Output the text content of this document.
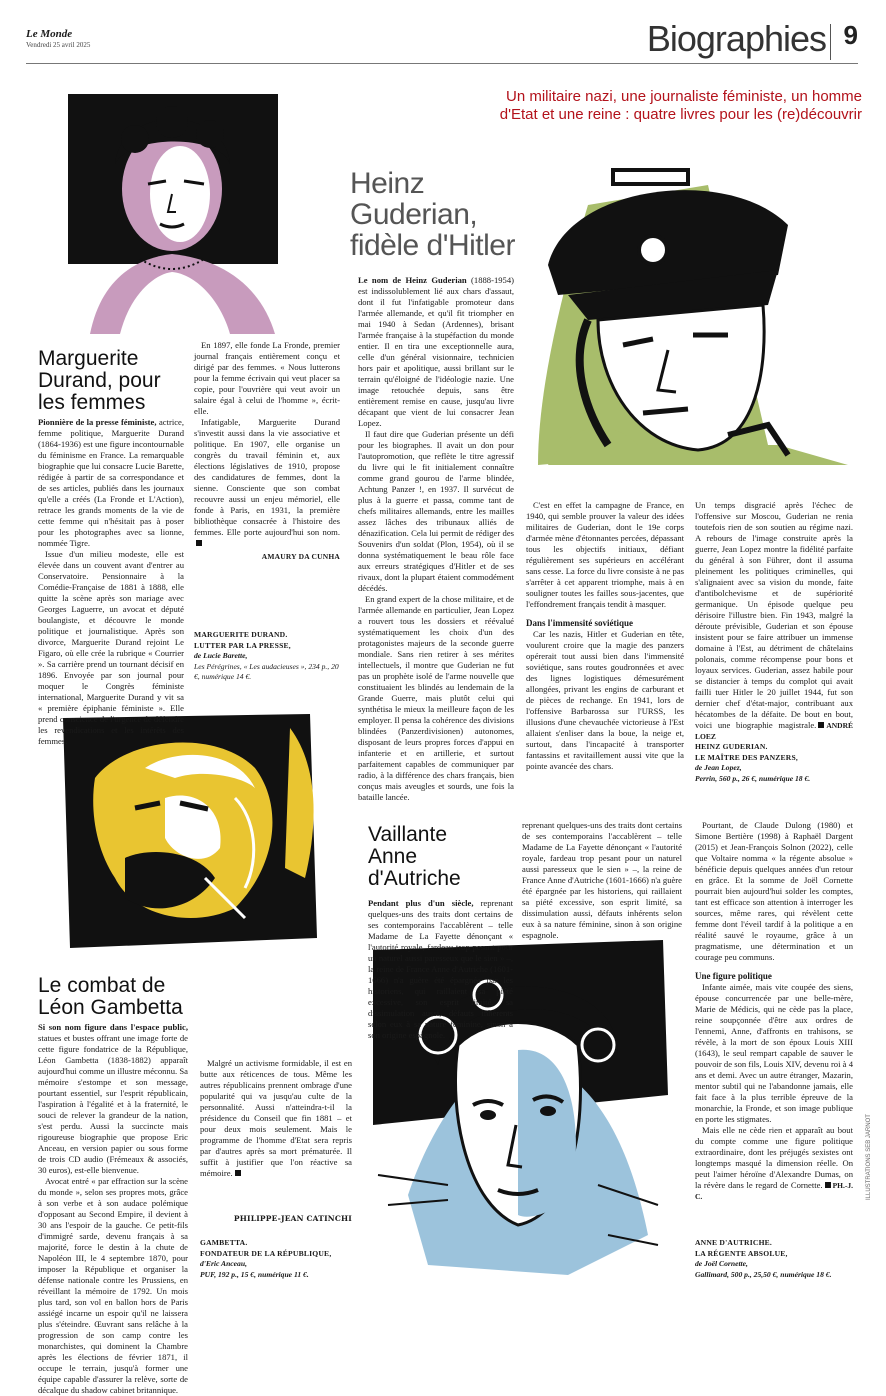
Le Monde
Vendredi 25 avril 2025	Biographies 9
Un militaire nazi, une journaliste féministe, un homme d'Etat et une reine : quatre livres pour les (re)découvrir
Marguerite Durand, pour les femmes

Pionnière de la presse féministe, actrice, femme politique, Marguerite Durand (1864-1936) est une figure incontournable du féminisme en France. La remarquable biographie que lui consacre Lucie Barette, rédigée à partir de sa correspondance et de ses articles, publiés dans les journaux qu'elle a créés (La Fronde et L'Action), retrace les grands moments de la vie de cette femme qui n'hésitait pas à poser pour les photographes avec sa lionne, nommée Tigre.

Issue d'un milieu modeste, elle est élevée dans un couvent avant d'entrer au Conservatoire. Pensionnaire à la Comédie-Française de 1881 à 1888, elle quitte la scène après son mariage avec Georges Laguerre, un avocat et député boulangiste, et découvre le monde politique et journalistique. Après son divorce, Marguerite Durand rejoint Le Figaro, où elle crée la rubrique « Courrier ». Sa carrière prend un tournant décisif en 1896. Envoyée par son journal pour moquer le Congrès féministe international, Marguerite Durand y vit sa « première épiphanie féministe ». Elle prend conscience de l'urgence de défendre les revendications et les intérêts des femmes.

En 1897, elle fonde La Fronde, premier journal français entièrement conçu et dirigé par des femmes. « Nous lutterons pour la femme écrivain qui veut placer sa copie, pour l'ouvrière qui veut avoir un salaire égal à celui de l'homme », écrit-elle.

Infatigable, Marguerite Durand s'investit aussi dans la vie associative et politique. En 1907, elle organise un congrès du travail féminin et, aux élections législatives de 1910, propose des candidatures de femmes, dont la sienne. Consciente que son combat recouvre aussi un enjeu mémoriel, elle fonde à Paris, en 1931, la première bibliothèque consacrée à l'histoire des femmes. Elle porte aujourd'hui son nom.

AMAURY DA CUNHA
MARGUERITE DURAND.
LUTTER PAR LA PRESSE,
de Lucie Barette,
Les Pérégrines, « Les audacieuses », 234 p., 20 €, numérique 14 €.
Heinz Guderian, fidèle d'Hitler

Le nom de Heinz Guderian (1888-1954) est indissolublement lié aux chars d'assaut, dont il fut l'infatigable promoteur dans l'armée allemande, et qu'il fit triompher en mai 1940 à Sedan (Ardennes), brisant l'armée française à la stupéfaction du monde entier. Il en tira une exceptionnelle aura, celle d'un général visionnaire, technicien hors pair et apolitique, aussi brillant sur le terrain qu'éloigné de l'idéologie nazie. Une image retouchée depuis, sans être entièrement remise en cause, jusqu'au livre décapant que vient de lui consacrer Jean Lopez.

Il faut dire que Guderian présente un défi pour les biographes. Il avait un don pour l'autopromotion, que reflète le titre agressif du livre qui le fit initialement connaître comme grand gourou de l'arme blindée, Achtung Panzer !, en 1937. Il survécut de plus à la guerre et passa, comme tant de chefs militaires allemands, entre les mailles assez lâches des tribunaux alliés de dénazification. Cela lui permit de rédiger des Souvenirs d'un soldat (Plon, 1954), où il se donna systématiquement le beau rôle face aux erreurs stratégiques d'Hitler et de ses rivaux, dont la plupart étaient commodément décédés.

En grand expert de la chose militaire, et de l'armée allemande en particulier, Jean Lopez a rouvert tous les dossiers et réévalué systématiquement les choix d'un des protagonistes majeurs de la seconde guerre mondiale. Sans rien retirer à ses mérites intellectuels, il montre que Guderian ne fut pas un prophète isolé de l'arme nouvelle que constituaient les blindés au lendemain de la Grande Guerre, mais plutôt celui qui synthétisa le mieux la meilleure façon de les employer. Il pensa la cohérence des divisions blindées (Panzerdivisionen) autonomes, disposant de leurs propres forces d'appui en infanterie et en artillerie, et surtout parfaitement capables de communiquer par radio, à la différence des chars français, bien conçus mais aveugles et sourds, une fois la bataille lancée.

C'est en effet la campagne de France, en 1940, qui semble prouver la valeur des idées militaires de Guderian, dont le 19e corps d'armée mène d'étonnantes percées, dépassant tous les objectifs initiaux, défiant régulièrement ses supérieurs en accélérant sans cesse. La force du livre consiste à ne pas s'arrêter à cet apparent triomphe, mais à en souligner toutes les failles sous-jacentes, que l'effondrement français tendit à masquer.

Dans l'immensité soviétique

Car les nazis, Hitler et Guderian en tête, voulurent croire que la magie des panzers opérerait tout aussi bien dans l'immensité soviétique, sans routes goudronnées et avec des lignes logistiques démesurément allongées, privant les engins de carburant et de pièces de rechange. En 1941, lors de l'offensive Barbarossa sur l'URSS, les illusions d'une chevauchée victorieuse à l'Est allaient s'enliser dans la boue, la neige et, surtout, dans l'incapacité à transporter fantassins et ravitaillement aussi vite que la pointe avancée des chars.

Un temps disgracié après l'échec de l'offensive sur Moscou, Guderian ne renia toutefois rien de son soutien au régime nazi. A rebours de l'image construite après la guerre, Jean Lopez montre la fidélité parfaite du général à son Führer, dont il assuma pleinement les politiques criminelles, qui s'alignaient avec sa vision du monde, faite d'antibolchevisme et de supériorité germanique. Un épisode quelque peu dérisoire l'illustre bien. Fin 1943, malgré la déroute prévisible, Guderian et son épouse insistent pour se faire attribuer un immense domaine à l'Est, au détriment de châtelains polonais, comme récompense pour bons et loyaux services. Guderian, assez habile pour se distancier à temps du complot qui avait failli tuer Hitler le 20 juillet 1944, fut son dernier chef d'état-major, contribuant aux hécatombes de la défaite. De bout en bout, voici une biographie magistrale. ANDRÉ LOEZ

HEINZ GUDERIAN.
LE MAÎTRE DES PANZERS,
de Jean Lopez,
Perrin, 560 p., 26 €, numérique 18 €.
Le combat de Léon Gambetta

Si son nom figure dans l'espace public, statues et bustes offrant une image forte de cette figure fondatrice de la République, Léon Gambetta (1838-1882) apparaît aujourd'hui comme un illustre méconnu. Sa mémoire s'estompe et son message, pourtant essentiel, sur l'esprit républicain, l'aspiration à l'égalité et à la fraternité, le souci de relever la grandeur de la nation, s'est perdu. Aussi la succincte mais rigoureuse biographie que propose Eric Anceau, en version papier ou sous forme de trois CD audio (Frémeaux & associés, 30 euros), est-elle bienvenue.

Avocat entré « par effraction sur la scène du monde », selon ses propres mots, grâce à son verbe et à son audace polémique d'opposant au Second Empire, il devient à 30 ans l'espoir de la gauche. Ce petit-fils d'immigré sarde, devenu français à sa majorité, force le destin à la chute de Napoléon III, le 4 septembre 1870, pour imposer la République et organiser la défense nationale contre les Prussiens, en réveillant la mémoire de 1792. Un mois plus tard, son vol en ballon hors de Paris assiégé incarne un espoir qu'il ne laissera plus s'éteindre. Œuvrant sans relâche à la progression de son camp contre les monarchistes, qui dominent la Chambre après les élections de février 1871, il occupe le terrain, jusqu'à former une équipe capable d'assurer la relève, sorte de décalque du shadow cabinet britannique.

Malgré un activisme formidable, il est en butte aux réticences de tous. Même les autres républicains prennent ombrage d'une popularité qui va jusqu'au culte de la personnalité. Aussi n'atteindra-t-il la présidence du Conseil que fin 1881 – et pour deux mois seulement. Mais le programme de l'homme d'Etat sera repris par d'autres après sa mort prématurée. Il suffit à justifier que l'on réactive sa mémoire.

PHILIPPE-JEAN CATINCHI
GAMBETTA.
FONDATEUR DE LA RÉPUBLIQUE,
d'Eric Anceau,
PUF, 192 p., 15 €, numérique 11 €.
Vaillante Anne d'Autriche

Pendant plus d'un siècle, reprenant quelques-uns des traits dont certains de ses contemporains l'accablèrent – telle Madame de La Fayette dénonçant « l'autorité royale, fardeau trop pesant pour un naturel aussi paresseux que le sien » –, la reine de France Anne d'Autriche (1601-1666) n'a guère été épargnée par les historiens, qui raillaient sa piété excessive, son esprit limité, sa dissimulation aussi, défauts inhérents selon eux à sa nature féminine, sinon à son origine espagnole.

reprenant quelques-uns des traits dont certains de ses contemporains l'accablèrent – telle Madame de La Fayette dénonçant « l'autorité royale, fardeau trop pesant pour un naturel aussi paresseux que le sien » –, la reine de France Anne d'Autriche (1601-1666) n'a guère été épargnée par les historiens, qui raillaient sa piété excessive, son esprit limité, sa dissimulation aussi, défauts inhérents selon eux à sa nature féminine, sinon à son origine espagnole.

Pourtant, de Claude Dulong (1980) et Simone Bertière (1998) à Raphaël Dargent (2015) et Jean-François Solnon (2022), celle que Voltaire nomma « la régente absolue » bénéficie depuis quelques années d'un retour en grâce. Et la somme de Joël Cornette pourrait bien aujourd'hui solder les comptes, tant est efficace son attention à interroger les sources, même rares, qui révèlent cette femme dont l'éveil tardif à la politique a en réalité sauvé le royaume, grâce à un pragmatisme, une détermination et un courage peu communs.

Une figure politique

Infante aimée, mais vite coupée des siens, épouse concurrencée par une belle-mère, Marie de Médicis, qui ne cède pas la place, reine soupçonnée d'être aux ordres de l'ennemi, Anne, d'affronts en trahisons, se révèle, à la mort de son époux Louis XIII (1643), le seul rempart capable de sauver le pouvoir de son fils, Louis XIV, devenu roi à 4 ans et demi. Avec un autre étranger, Mazarin, mentor subtil qui ne l'abandonne jamais, elle fait face à la plus terrible épreuve de la monarchie, la Fronde, et son image publique en porte les stigmates.

Mais elle ne cède rien et apparaît au bout du compte comme une figure politique extraordinaire, dont les préjugés sexistes ont longtemps masqué la dimension réelle. On peut l'aimer héroïne d'Alexandre Dumas, on la révère dans le regard de Cornette. PH.-J. C.

ANNE D'AUTRICHE.
LA RÉGENTE ABSOLUE,
de Joël Cornette,
Gallimard, 500 p., 25,50 €, numérique 18 €.
ILLUSTRATIONS SEB JARNOT
